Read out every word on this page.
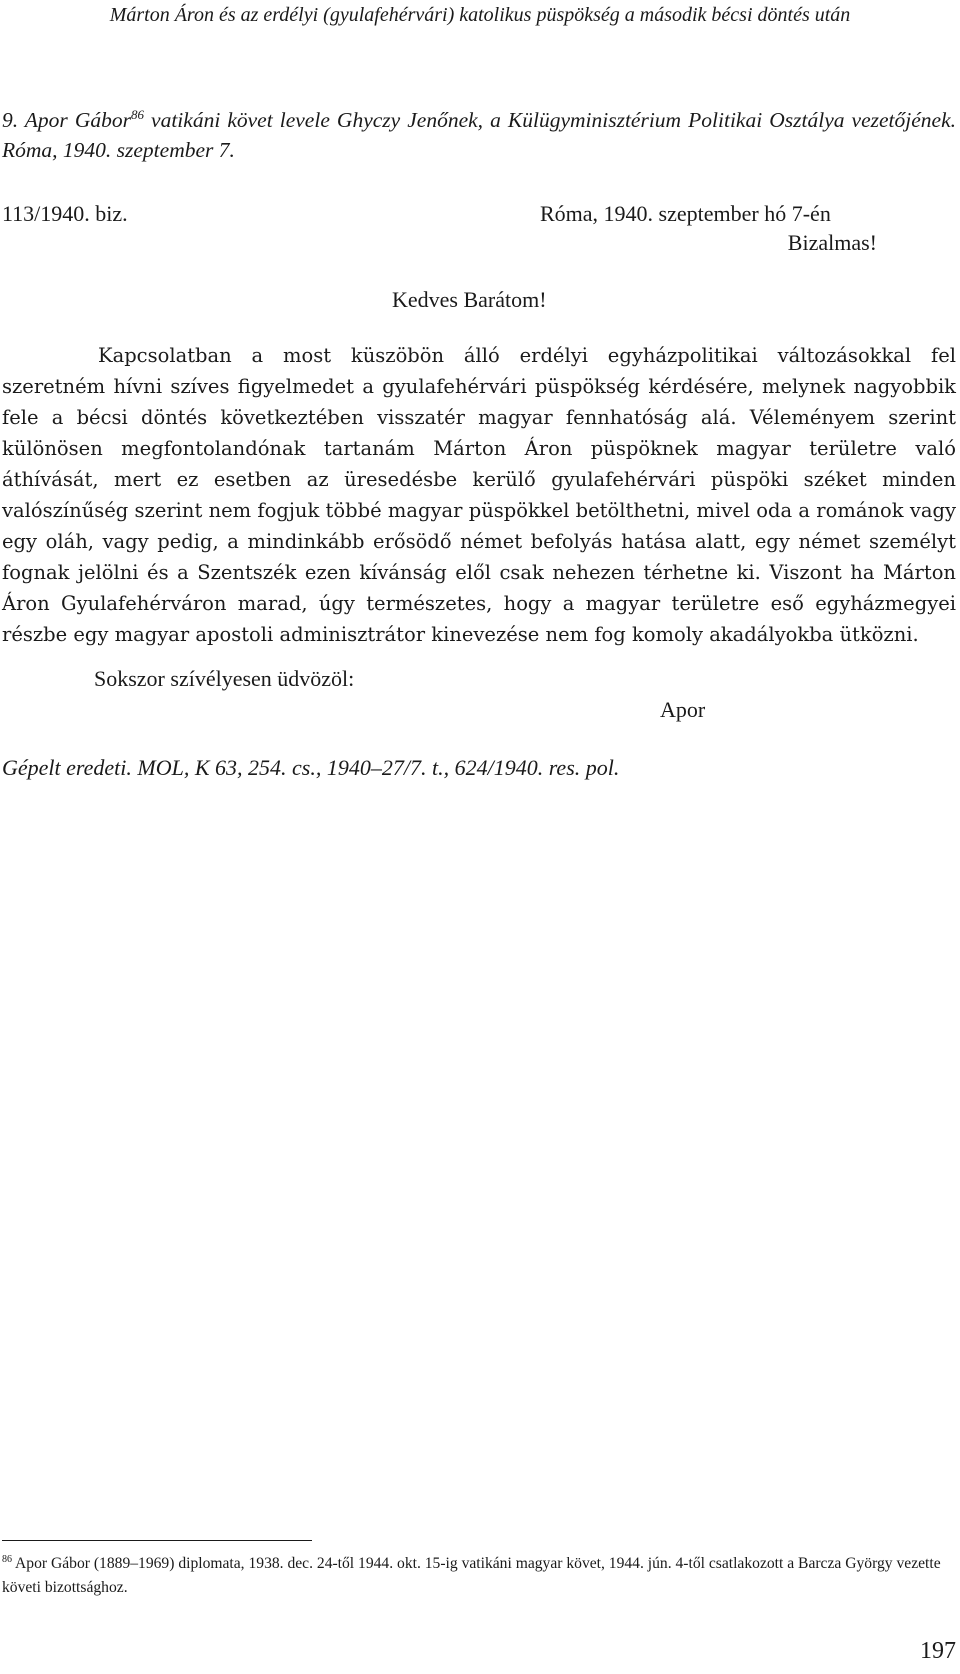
Márton Áron és az erdélyi (gyulafehérvári) katolikus püspökség a második bécsi döntés után
9. Apor Gábor$^{86}$ vatikáni követ levele Ghyczy Jenőnek, a Külügyminisztérium Politikai Osztálya vezetőjének. Róma, 1940. szeptember 7.
113/1940. biz.	Róma, 1940. szeptember hó 7-én
Bizalmas!
Kedves Barátom!
Kapcsolatban a most küszöbön álló erdélyi egyházpolitikai változásokkal fel szeretném hívni szíves figyelmedet a gyulafehérvári püspökség kérdésére, melynek nagyobbik fele a bécsi döntés következtében visszatér magyar fennhatóság alá. Véleményem szerint különösen megfontolandónak tartanám Márton Áron püspöknek magyar területre való áthívását, mert ez esetben az üresedésbe kerülő gyulafehérvári püspöki széket minden valószínűség szerint nem fogjuk többé magyar püspökkel betölthetni, mivel oda a románok vagy egy oláh, vagy pedig, a mindinkább erősödő német befolyás hatása alatt, egy német személyt fognak jelölni és a Szentszék ezen kívánság elől csak nehezen térhetne ki. Viszont ha Márton Áron Gyulafehérváron marad, úgy természetes, hogy a magyar területre eső egyházmegyei részbe egy magyar apostoli adminisztrátor kinevezése nem fog komoly akadályokba ütközni.
Sokszor szívélyesen üdvözöl:
Apor
Gépelt eredeti. MOL, K 63, 254. cs., 1940–27/7. t., 624/1940. res. pol.
$^{86}$ Apor Gábor (1889–1969) diplomata, 1938. dec. 24-től 1944. okt. 15-ig vatikáni magyar követ, 1944. jún. 4-től csatlakozott a Barcza György vezette követi bizottsághoz.
197
